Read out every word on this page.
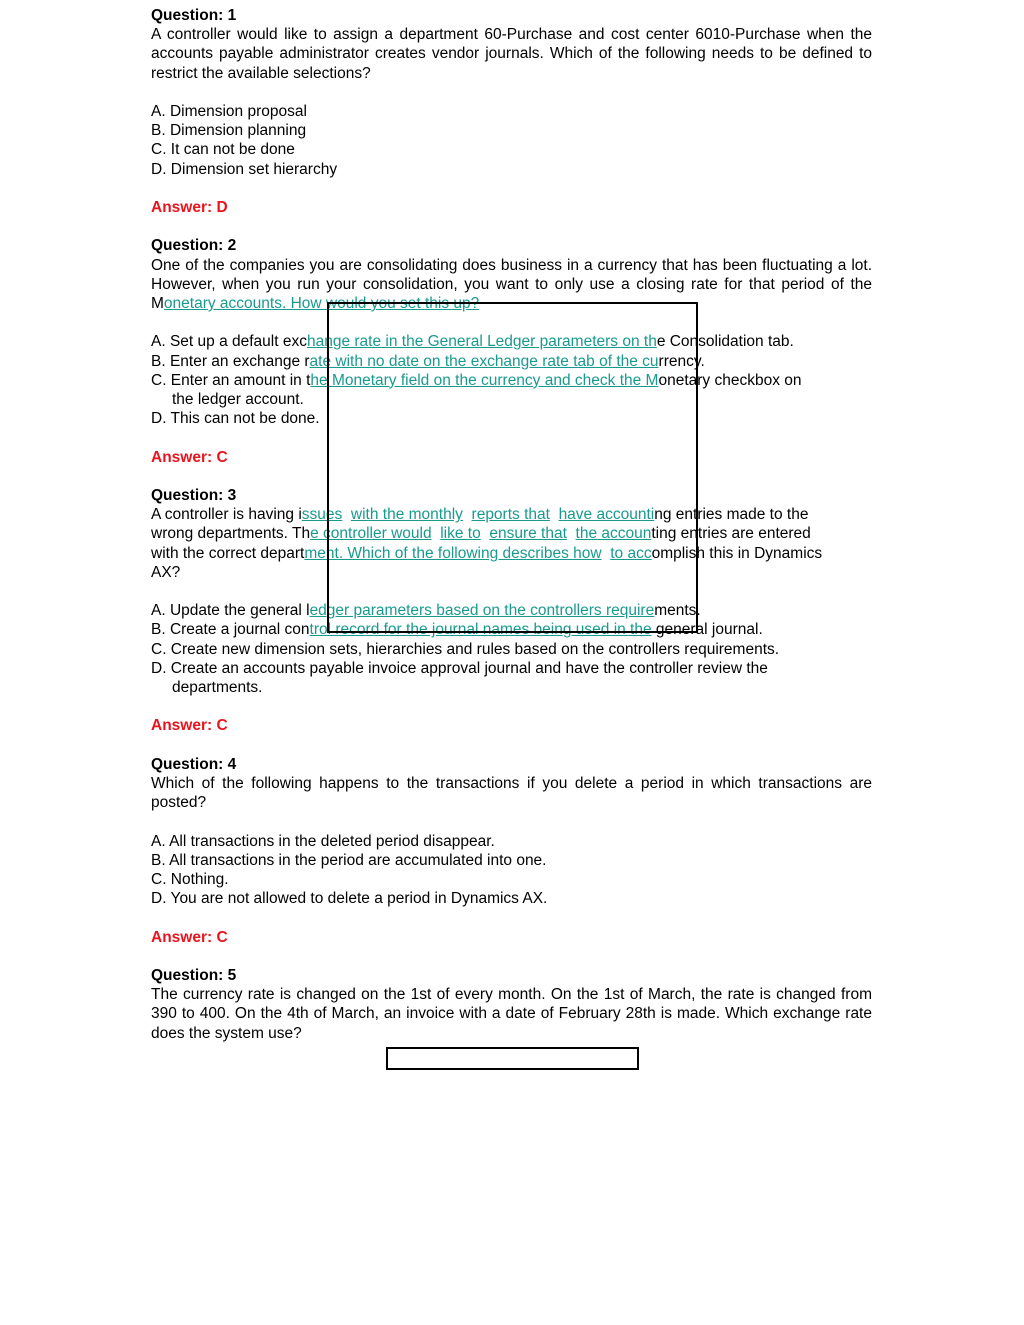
Question: 1
A controller would like to assign a department 60-Purchase and cost center 6010-Purchase when the accounts payable administrator creates vendor journals. Which of the following needs to be defined to restrict the available selections?
A. Dimension proposal
B. Dimension planning
C. It can not be done
D. Dimension set hierarchy
Answer: D
Question: 2
One of the companies you are consolidating does business in a currency that has been fluctuating a lot. However, when you run your consolidation, you want to only use a closing rate for that period of the Monetary accounts. How would you set this up?
A. Set up a default exchange rate in the General Ledger parameters on the Consolidation tab.
B. Enter an exchange rate with no date on the exchange rate tab of the currency.
C. Enter an amount in the Monetary field on the currency and check the Monetary checkbox on
the ledger account.
D. This can not be done.
Answer: C
Question: 3
A controller is having issues with the monthly reports that have accounting entries made to the
wrong departments. The controller would like to ensure that the accounting entries are entered
with the correct department. Which of the following describes how to accomplish this in Dynamics
AX?
A. Update the general ledger parameters based on the controllers requirements.
B. Create a journal control record for the journal names being used in the general journal.
C. Create new dimension sets, hierarchies and rules based on the controllers requirements.
D. Create an accounts payable invoice approval journal and have the controller review the
departments.
Answer: C
Question: 4
Which of the following happens to the transactions if you delete a period in which transactions are posted?
A. All transactions in the deleted period disappear.
B. All transactions in the period are accumulated into one.
C. Nothing.
D. You are not allowed to delete a period in Dynamics AX.
Answer: C
Question: 5
The currency rate is changed on the 1st of every month. On the 1st of March, the rate is changed from 390 to 400. On the 4th of March, an invoice with a date of February 28th is made. Which exchange rate does the system use?
